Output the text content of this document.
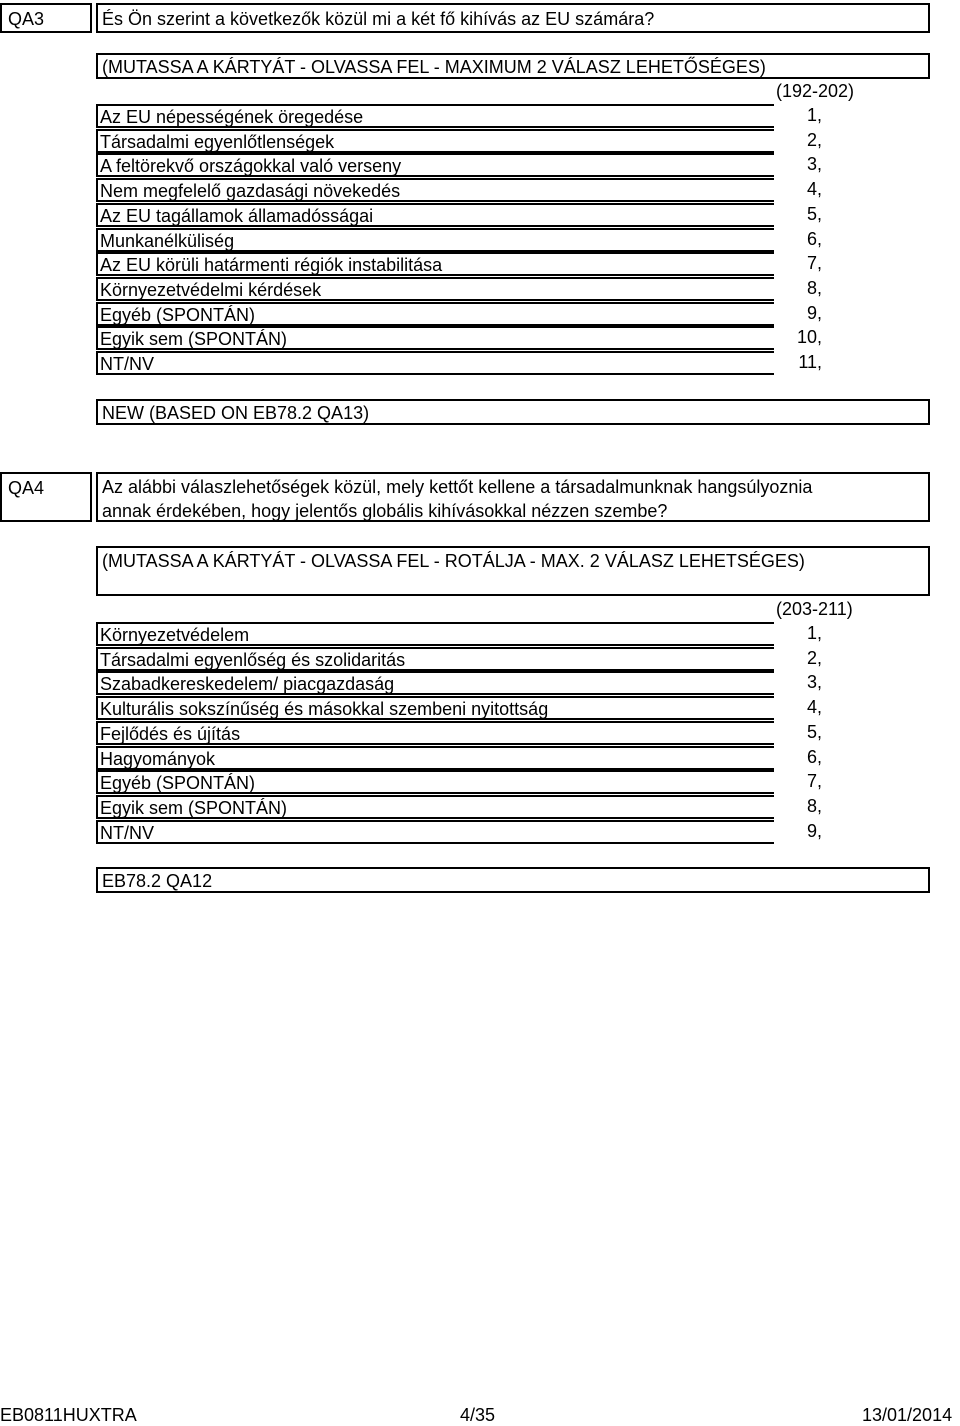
QA3	És Ön szerint a következők közül mi a két fő kihívás az EU számára?
(MUTASSA A KÁRTYÁT - OLVASSA FEL - MAXIMUM 2 VÁLASZ LEHETŐSÉGES)
(192-202)
Az EU népességének öregedése	1,
Társadalmi egyenlőtlenségek	2,
A feltörekvő országokkal való verseny	3,
Nem megfelelő gazdasági növekedés	4,
Az EU tagállamok államadósságai	5,
Munkanélküliség	6,
Az EU körüli határmenti régiók instabilitása	7,
Környezetvédelmi kérdések	8,
Egyéb (SPONTÁN)	9,
Egyik sem (SPONTÁN)	10,
NT/NV	11,
NEW (BASED ON EB78.2 QA13)
QA4	Az alábbi válaszlehetőségek közül, mely kettőt kellene a társadalmunknak hangsúlyoznia
annak érdekében, hogy jelentős globális kihívásokkal nézzen szembe?
(MUTASSA A KÁRTYÁT - OLVASSA FEL - ROTÁLJA - MAX. 2 VÁLASZ LEHETSÉGES)
(203-211)
Környezetvédelem	1,
Társadalmi egyenlőség és szolidaritás	2,
Szabadkereskedelem/ piacgazdaság	3,
Kulturális sokszínűség és másokkal szembeni nyitottság	4,
Fejlődés és újítás	5,
Hagyományok	6,
Egyéb (SPONTÁN)	7,
Egyik sem (SPONTÁN)	8,
NT/NV	9,
EB78.2 QA12
EB0811HUXTRA	4/35	13/01/2014
